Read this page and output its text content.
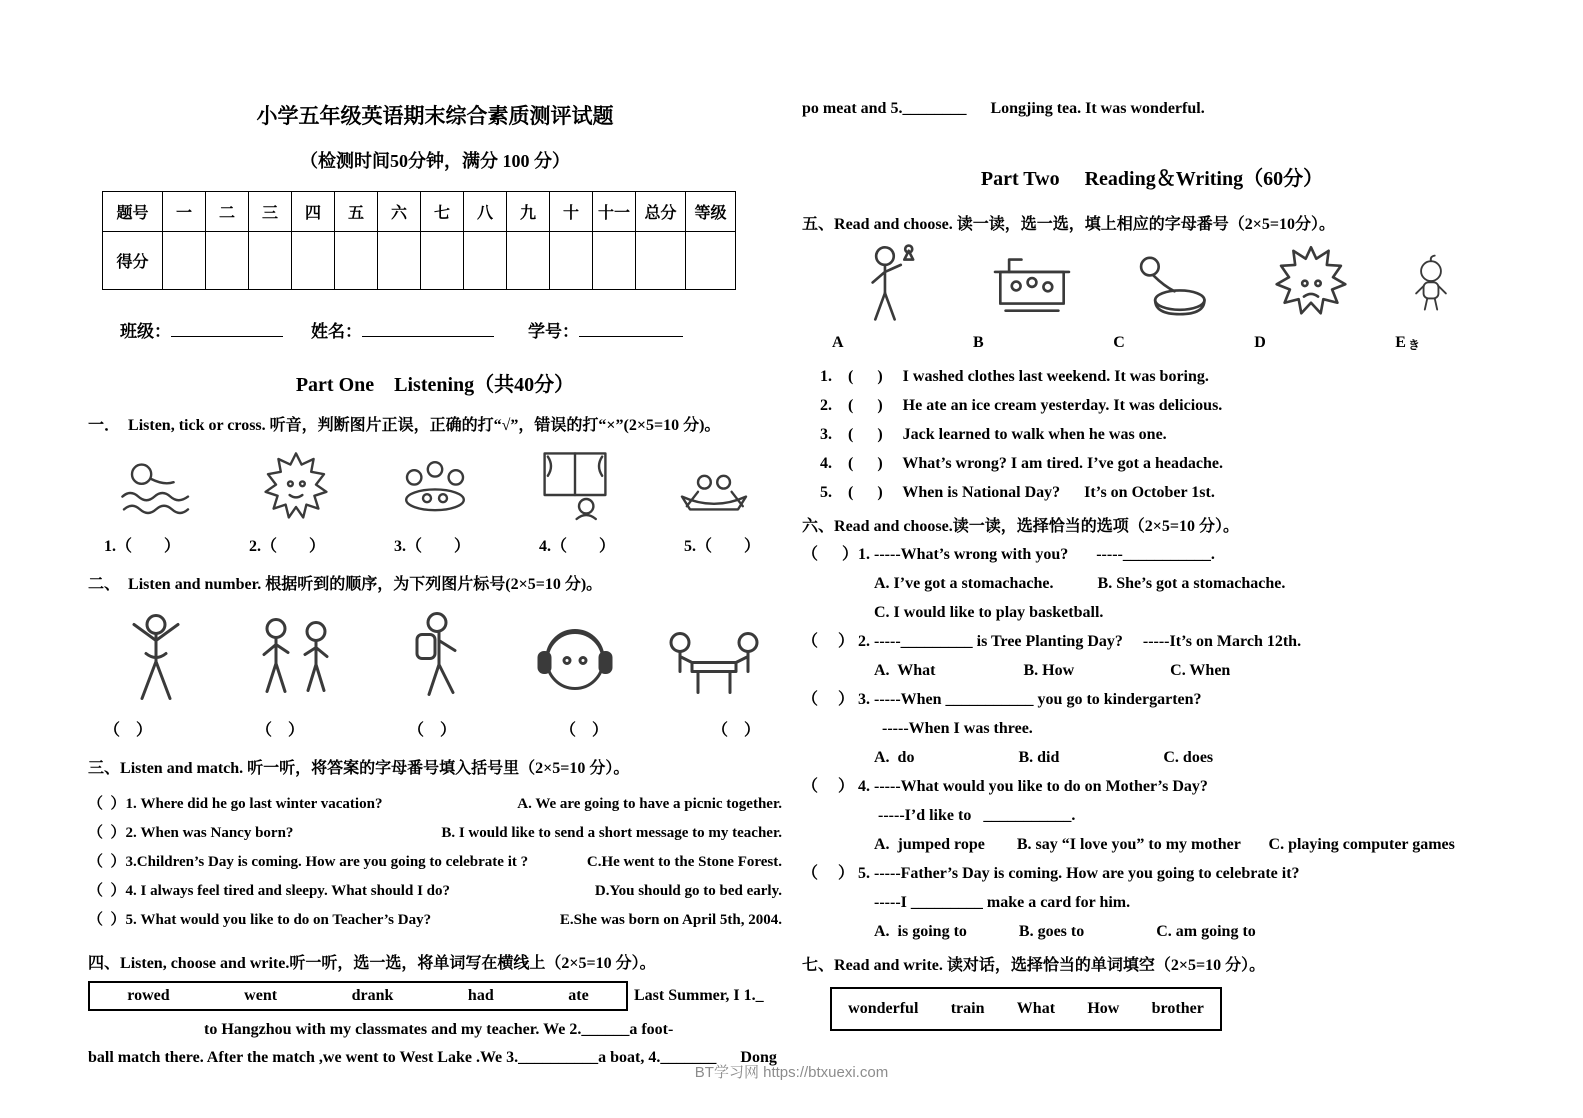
小学五年级英语期末综合素质测评试题
（检测时间50分钟，满分 100 分）
题号	一	二	三	四	五	六	七	八	九	十	十一	总分	等级
得分													
班级：	姓名：	学号：
Part One　Listening（共40分）
一．  Listen, tick or cross. 听音，判断图片正误，正确的打“√”，错误的打“×”(2×5=10 分)。
1.（　　）	2.（　　）	3.（　　）	4.（　　）	5.（　　）
二、  Listen and number. 根据听到的顺序，为下列图片标号(2×5=10 分)。
（　）	（　）	（　）	（　）	（　）
三、Listen and match. 听一听，将答案的字母番号填入括号里（2×5=10 分）。
（  ）1. Where did he go last winter vacation?	A. We are going to have a picnic together.
（  ）2. When was Nancy born?	B. I would like to send a short message to my teacher.
（  ）3.Children’s Day is coming. How are you going to celebrate it ?	C.He went to the Stone Forest.
（  ）4. I always feel tired and sleepy. What should I do?	D.You should go to bed early.
（  ）5. What would you like to do on Teacher’s Day?	E.She was born on April 5th, 2004.
四、Listen, choose and write.听一听，选一选，将单词写在横线上（2×5=10 分）。
rowed	went	drank	had	ate	Last Summer, I 1._
to Hangzhou with my classmates and my teacher. We 2.______a foot-
ball match there. After the match ,we went to West Lake .We 3.__________a boat, 4._______      Dong
po meat and 5.________      Longjing tea. It was wonderful.
Part Two　 Reading＆Writing（60分）
五、Read and choose. 读一读，选一选，填上相应的字母番号（2×5=10分）。
A	B	C	D	E き
1.　(      )　 I washed clothes last weekend. It was boring.
2.　(      )　 He ate an ice cream yesterday. It was delicious.
3.　(      )　 Jack learned to walk when he was one.
4.　(      )　 What’s wrong? I am tired. I’ve got a headache.
5.　(      )　 When is National Day?　  It’s on October 1st.
六、Read and choose.读一读，选择恰当的选项（2×5=10 分）。
（      ）1. -----What’s wrong with you?       -----___________.
A. I’ve got a stomachache.           B. She’s got a stomachache.
C. I would like to play basketball.
（     ） 2. -----_________ is Tree Planting Day?     -----It’s on March 12th.
A.  What                      B. How                        C. When
（     ） 3. -----When ___________ you go to kindergarten?
-----When I was three.
A.  do                          B. did                          C. does
（     ） 4. -----What would you like to do on Mother’s Day?
-----I’d like to   ___________.
A.  jumped rope        B. say “I love you” to my mother       C. playing computer games
（     ） 5. -----Father’s Day is coming. How are you going to celebrate it?
-----I _________ make a card for him.
A.  is going to             B. goes to                  C. am going to
七、Read and write. 读对话，选择恰当的单词填空（2×5=10 分）。
wonderful train What How brother
BT学习网 https://btxuexi.com
